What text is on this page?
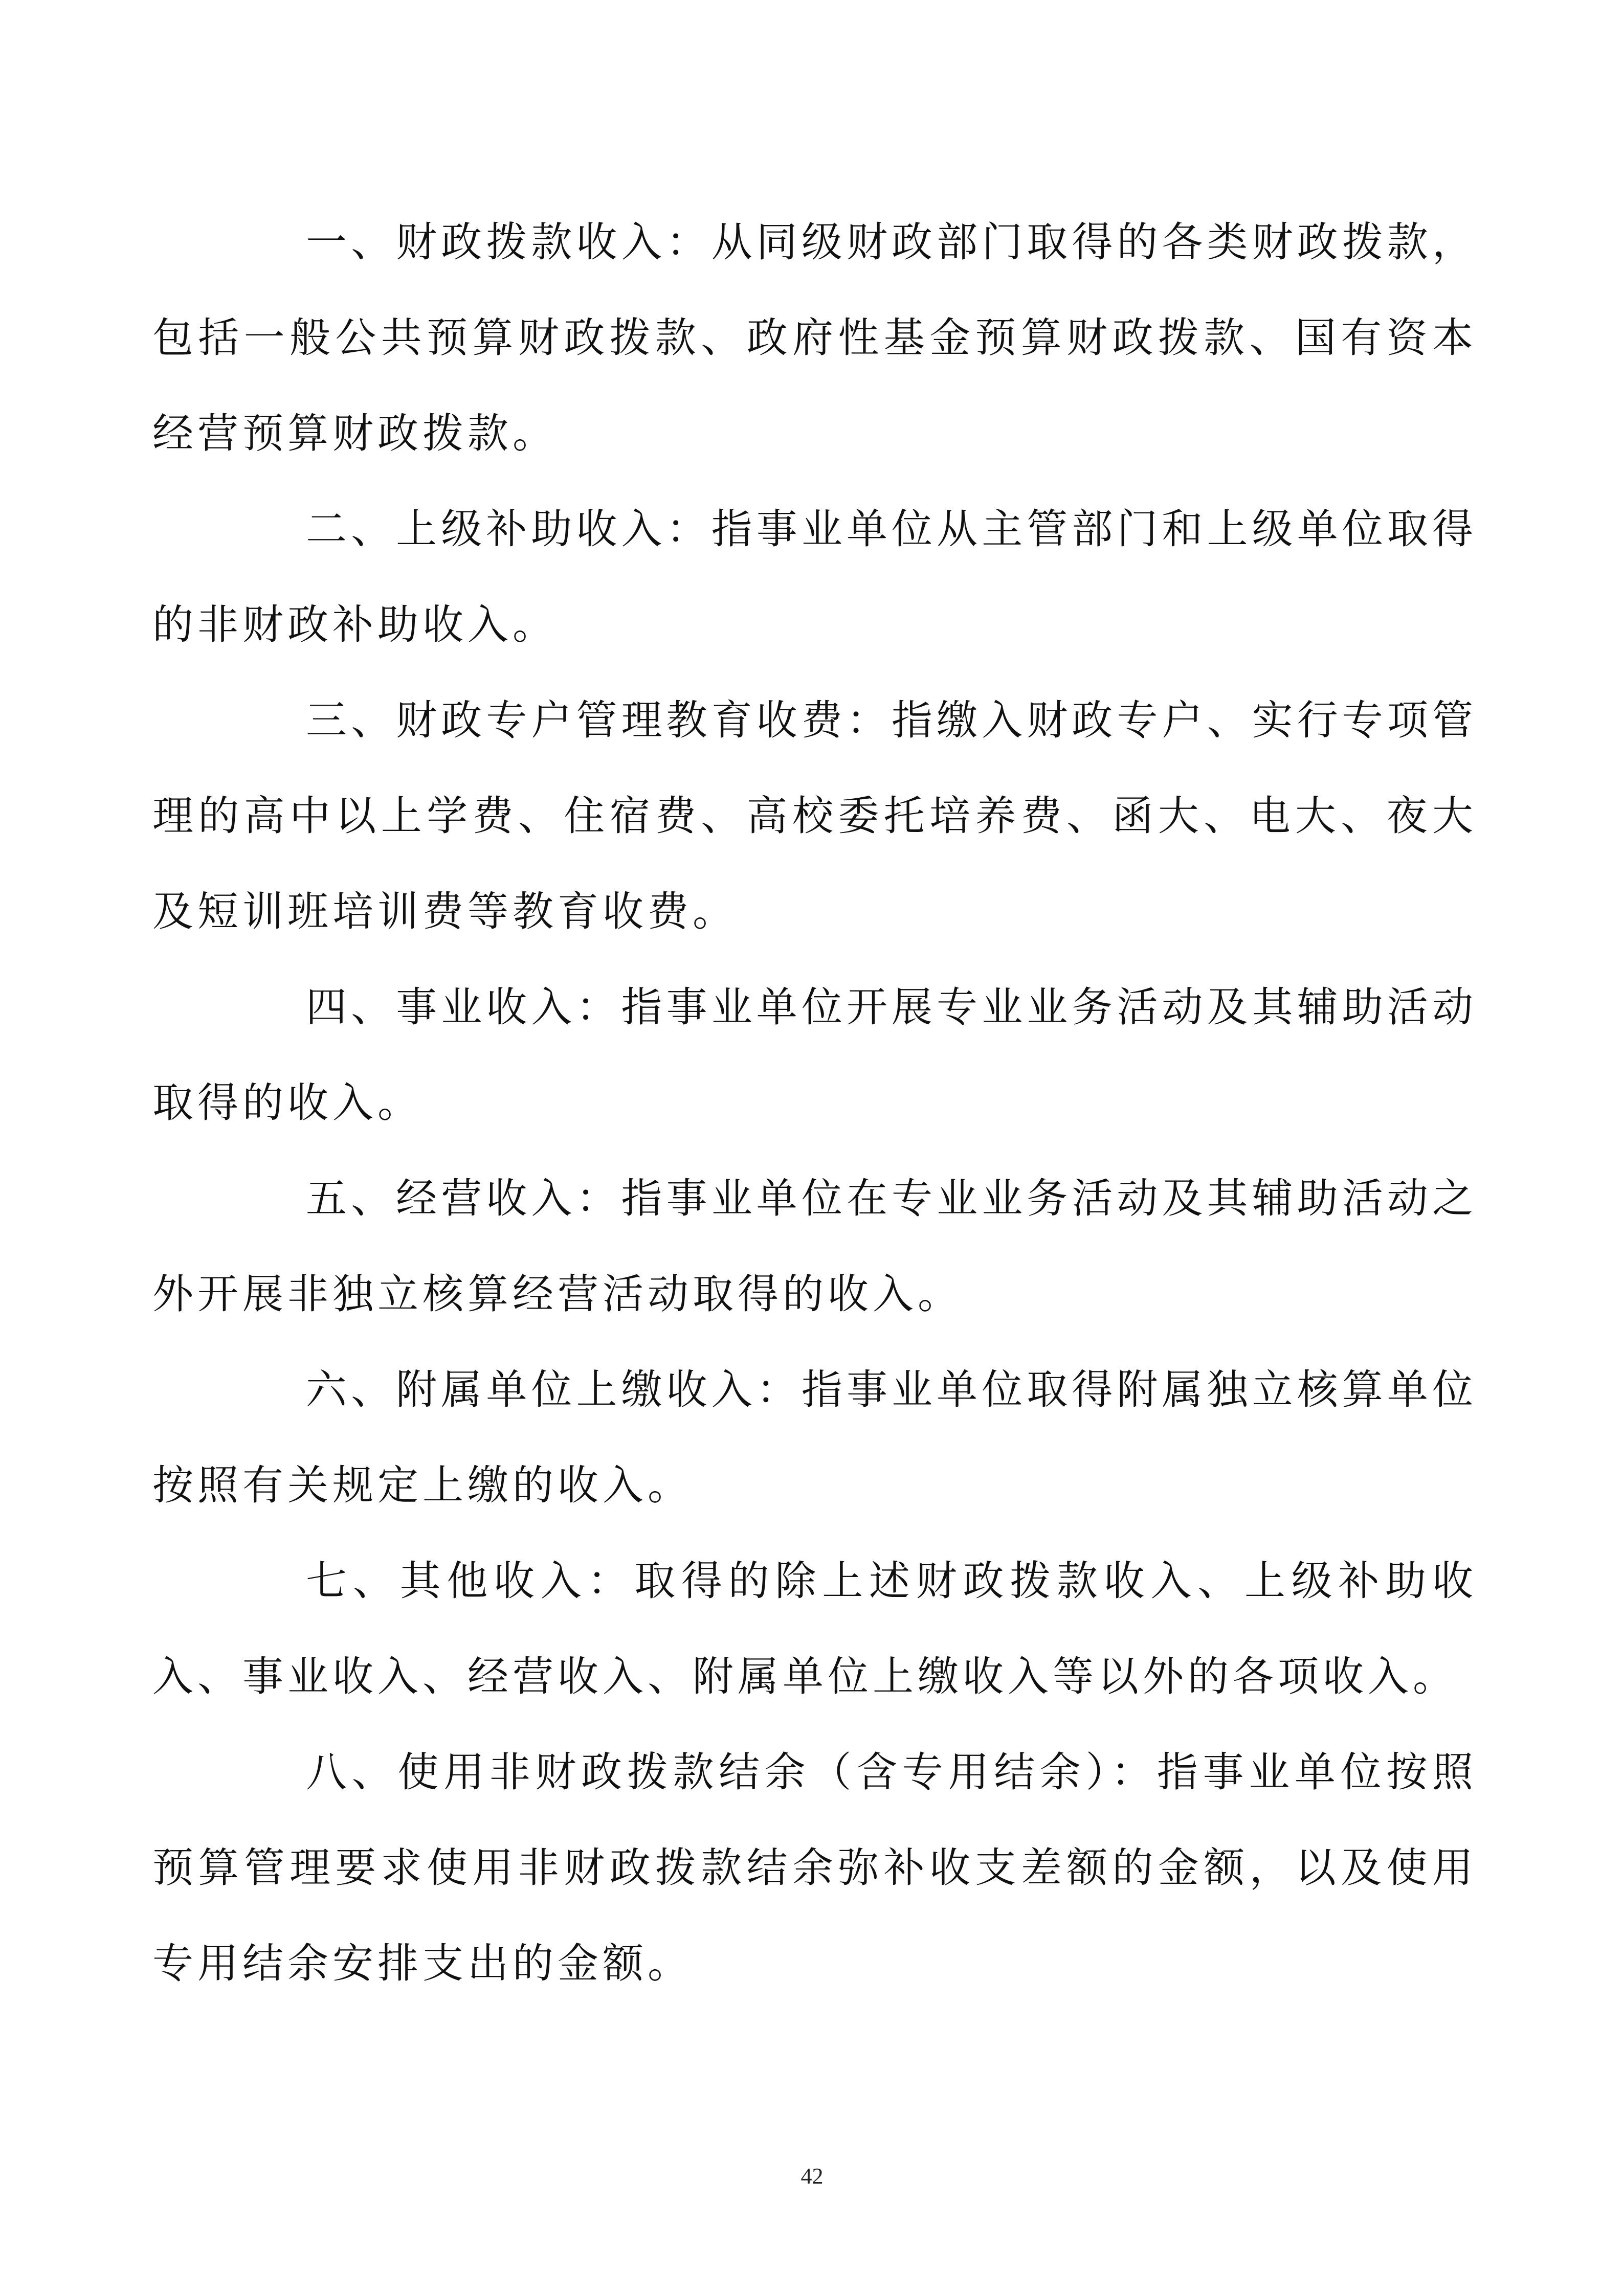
一、财政拨款收入：从同级财政部门取得的各类财政拨款，包括一般公共预算财政拨款、政府性基金预算财政拨款、国有资本经营预算财政拨款。

二、上级补助收入：指事业单位从主管部门和上级单位取得的非财政补助收入。

三、财政专户管理教育收费：指缴入财政专户、实行专项管理的高中以上学费、住宿费、高校委托培养费、函大、电大、夜大及短训班培训费等教育收费。

四、事业收入：指事业单位开展专业业务活动及其辅助活动取得的收入。

五、经营收入：指事业单位在专业业务活动及其辅助活动之外开展非独立核算经营活动取得的收入。

六、附属单位上缴收入：指事业单位取得附属独立核算单位按照有关规定上缴的收入。

七、其他收入：取得的除上述财政拨款收入、上级补助收入、事业收入、经营收入、附属单位上缴收入等以外的各项收入。

八、使用非财政拨款结余（含专用结余）：指事业单位按照预算管理要求使用非财政拨款结余弥补收支差额的金额，以及使用专用结余安排支出的金额。

42
